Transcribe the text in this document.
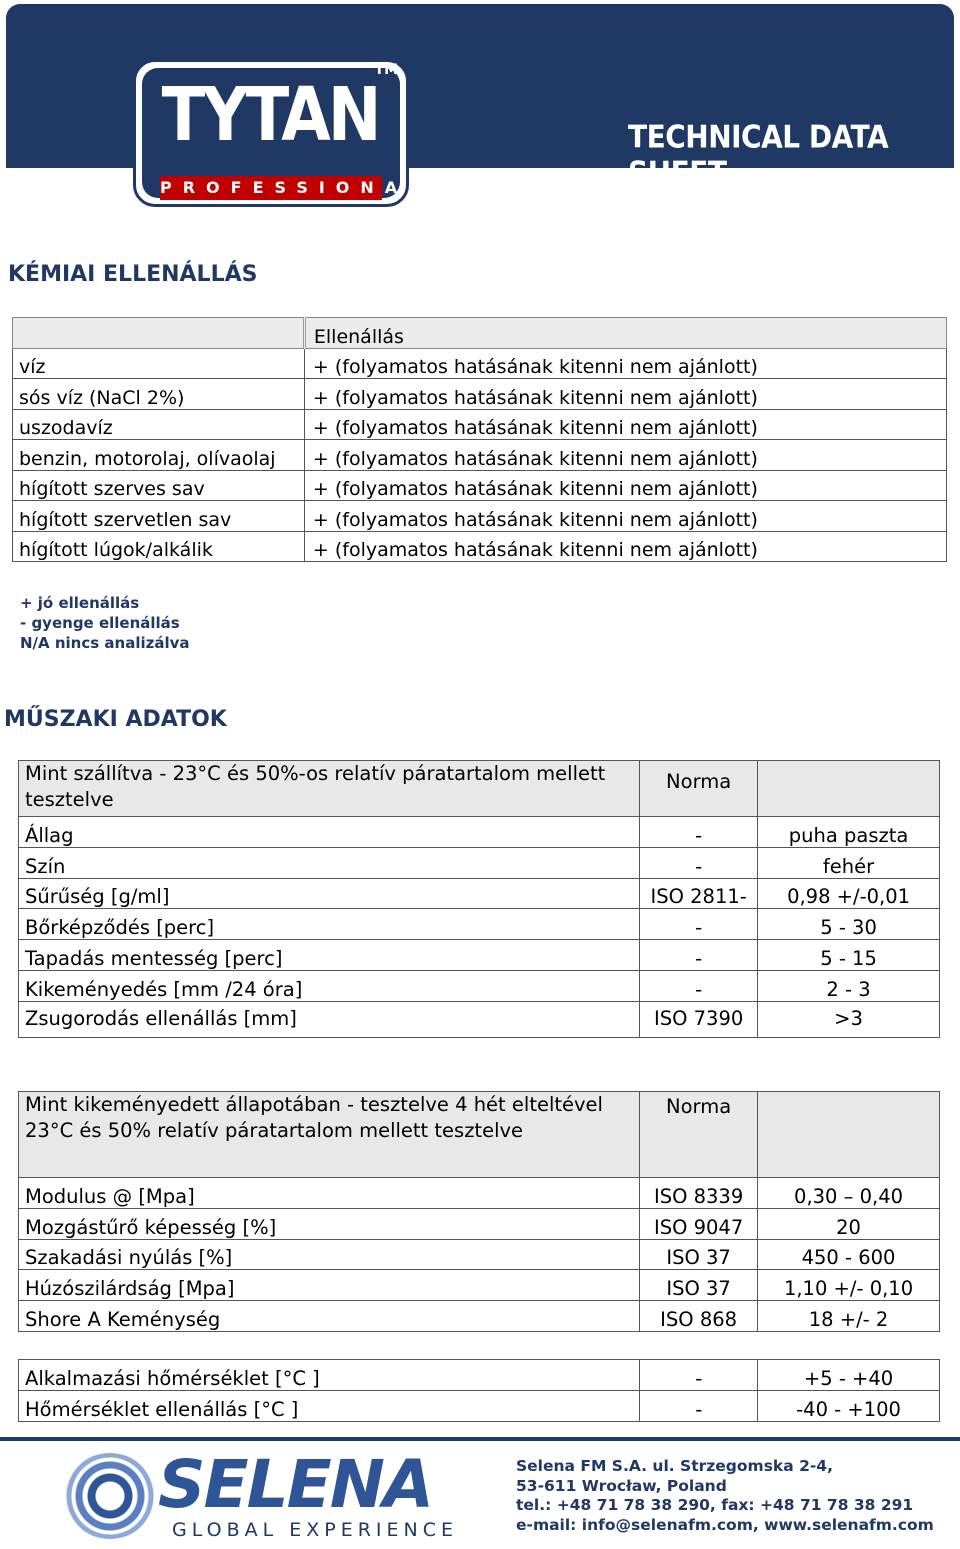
TECHNICAL DATA SHEET
TYTAN
TM
PROFESSIONAL
KÉMIAI ELLENÁLLÁS
	Ellenállás
víz	+ (folyamatos hatásának kitenni nem ajánlott)
sós víz (NaCl 2%)	+ (folyamatos hatásának kitenni nem ajánlott)
uszodavíz	+ (folyamatos hatásának kitenni nem ajánlott)
benzin, motorolaj, olívaolaj	+ (folyamatos hatásának kitenni nem ajánlott)
hígított szerves sav	+ (folyamatos hatásának kitenni nem ajánlott)
hígított szervetlen sav	+ (folyamatos hatásának kitenni nem ajánlott)
hígított lúgok/alkálik	+ (folyamatos hatásának kitenni nem ajánlott)
+ jó ellenállás
- gyenge ellenállás
N/A nincs analizálva
MŰSZAKI ADATOK
Mint szállítva - 23°C és 50%-os relatív páratartalom mellett tesztelve	Norma	
Állag	-	puha paszta
Szín	-	fehér
Sűrűség [g/ml]	ISO 2811-	0,98 +/-0,01
Bőrképződés [perc]	-	5 - 30
Tapadás mentesség [perc]	-	5 - 15
Kikeményedés [mm /24 óra]	-	2 - 3
Zsugorodás ellenállás [mm]	ISO 7390	>3
Mint kikeményedett állapotában - tesztelve 4 hét elteltével 23°C és 50% relatív páratartalom mellett tesztelve	Norma	
Modulus @ [Mpa]	ISO 8339	0,30 – 0,40
Mozgástűrő képesség [%]	ISO 9047	20
Szakadási nyúlás [%]	ISO 37	450 - 600
Húzószilárdság [Mpa]	ISO 37	1,10 +/- 0,10
Shore A Keménység	ISO 868	18 +/- 2
Alkalmazási hőmérséklet [°C ]	-	+5 - +40
Hőmérséklet ellenállás [°C ]	-	-40 - +100
SELENA
GLOBAL EXPERIENCE
Selena FM S.A. ul. Strzegomska 2-4,
53-611 Wrocław, Poland
tel.: +48 71 78 38 290, fax: +48 71 78 38 291
e-mail: info@selenafm.com, www.selenafm.com
